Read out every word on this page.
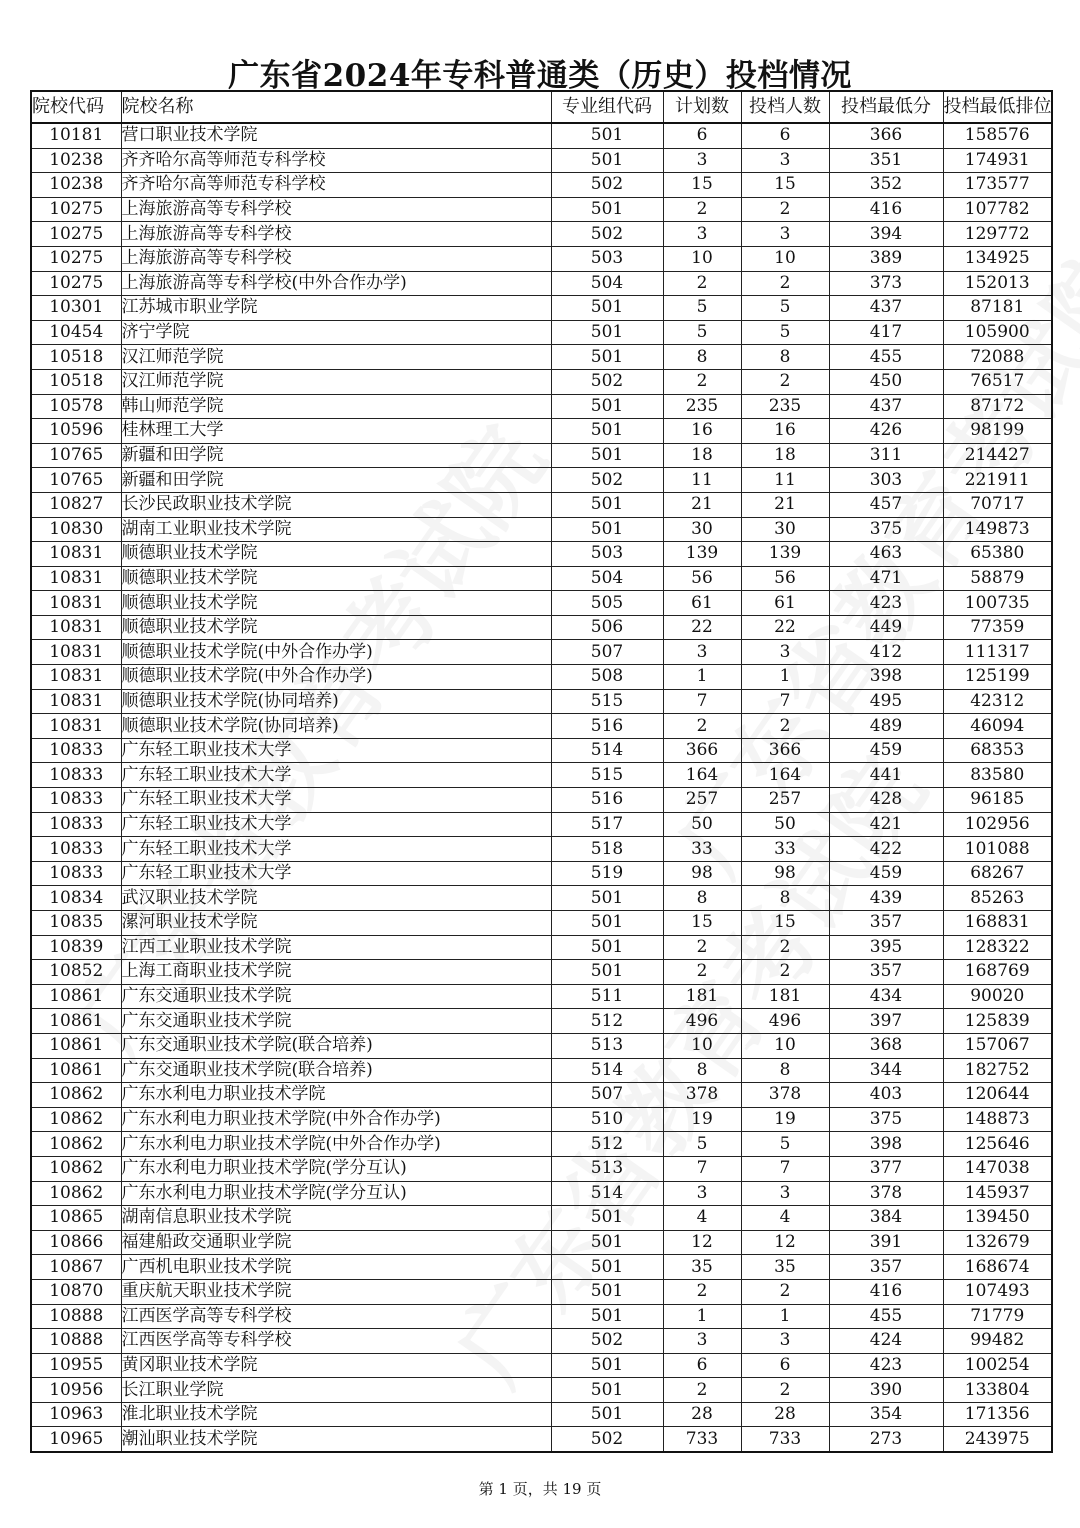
广东省2024年专科普通类（历史）投档情况
院校代码	院校名称	专业组代码	计划数	投档人数	投档最低分	投档最低排位
10181	营口职业技术学院	501	6	6	366	158576
10238	齐齐哈尔高等师范专科学校	501	3	3	351	174931
10238	齐齐哈尔高等师范专科学校	502	15	15	352	173577
10275	上海旅游高等专科学校	501	2	2	416	107782
10275	上海旅游高等专科学校	502	3	3	394	129772
10275	上海旅游高等专科学校	503	10	10	389	134925
10275	上海旅游高等专科学校(中外合作办学)	504	2	2	373	152013
10301	江苏城市职业学院	501	5	5	437	87181
10454	济宁学院	501	5	5	417	105900
10518	汉江师范学院	501	8	8	455	72088
10518	汉江师范学院	502	2	2	450	76517
10578	韩山师范学院	501	235	235	437	87172
10596	桂林理工大学	501	16	16	426	98199
10765	新疆和田学院	501	18	18	311	214427
10765	新疆和田学院	502	11	11	303	221911
10827	长沙民政职业技术学院	501	21	21	457	70717
10830	湖南工业职业技术学院	501	30	30	375	149873
10831	顺德职业技术学院	503	139	139	463	65380
10831	顺德职业技术学院	504	56	56	471	58879
10831	顺德职业技术学院	505	61	61	423	100735
10831	顺德职业技术学院	506	22	22	449	77359
10831	顺德职业技术学院(中外合作办学)	507	3	3	412	111317
10831	顺德职业技术学院(中外合作办学)	508	1	1	398	125199
10831	顺德职业技术学院(协同培养)	515	7	7	495	42312
10831	顺德职业技术学院(协同培养)	516	2	2	489	46094
10833	广东轻工职业技术大学	514	366	366	459	68353
10833	广东轻工职业技术大学	515	164	164	441	83580
10833	广东轻工职业技术大学	516	257	257	428	96185
10833	广东轻工职业技术大学	517	50	50	421	102956
10833	广东轻工职业技术大学	518	33	33	422	101088
10833	广东轻工职业技术大学	519	98	98	459	68267
10834	武汉职业技术学院	501	8	8	439	85263
10835	漯河职业技术学院	501	15	15	357	168831
10839	江西工业职业技术学院	501	2	2	395	128322
10852	上海工商职业技术学院	501	2	2	357	168769
10861	广东交通职业技术学院	511	181	181	434	90020
10861	广东交通职业技术学院	512	496	496	397	125839
10861	广东交通职业技术学院(联合培养)	513	10	10	368	157067
10861	广东交通职业技术学院(联合培养)	514	8	8	344	182752
10862	广东水利电力职业技术学院	507	378	378	403	120644
10862	广东水利电力职业技术学院(中外合作办学)	510	19	19	375	148873
10862	广东水利电力职业技术学院(中外合作办学)	512	5	5	398	125646
10862	广东水利电力职业技术学院(学分互认)	513	7	7	377	147038
10862	广东水利电力职业技术学院(学分互认)	514	3	3	378	145937
10865	湖南信息职业技术学院	501	4	4	384	139450
10866	福建船政交通职业学院	501	12	12	391	132679
10867	广西机电职业技术学院	501	35	35	357	168674
10870	重庆航天职业技术学院	501	2	2	416	107493
10888	江西医学高等专科学校	501	1	1	455	71779
10888	江西医学高等专科学校	502	3	3	424	99482
10955	黄冈职业技术学院	501	6	6	423	100254
10956	长江职业学院	501	2	2	390	133804
10963	淮北职业技术学院	501	28	28	354	171356
10965	潮汕职业技术学院	502	733	733	273	243975
第 1 页，共 19 页
